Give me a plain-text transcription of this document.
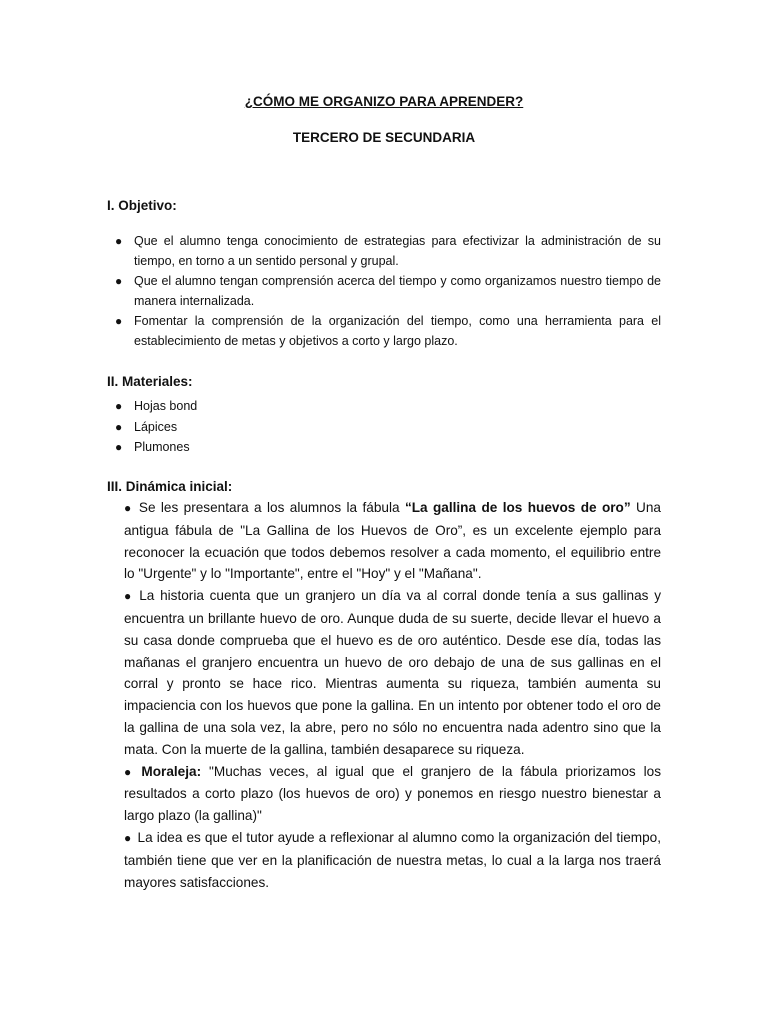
¿CÓMO ME ORGANIZO PARA APRENDER?
TERCERO DE SECUNDARIA
I. Objetivo:
● Que el alumno tenga conocimiento de estrategias para efectivizar la administración de su tiempo, en torno a un sentido personal y grupal.
● Que el alumno tengan comprensión acerca del tiempo y como organizamos nuestro tiempo de manera internalizada.
● Fomentar la comprensión de la organización del tiempo, como una herramienta para el establecimiento de metas y objetivos a corto y largo plazo.
II. Materiales:
● Hojas bond
● Lápices
● Plumones
III. Dinámica inicial:

● Se les presentara a los alumnos la fábula “La gallina de los huevos de oro” Una antigua fábula de "La Gallina de los Huevos de Oro”, es un excelente ejemplo para reconocer la ecuación que todos debemos resolver a cada momento, el equilibrio entre lo "Urgente" y lo "Importante", entre el "Hoy" y el "Mañana".

● La historia cuenta que un granjero un día va al corral donde tenía a sus gallinas y encuentra un brillante huevo de oro. Aunque duda de su suerte, decide llevar el huevo a su casa donde comprueba que el huevo es de oro auténtico. Desde ese día, todas las mañanas el granjero encuentra un huevo de oro debajo de una de sus gallinas en el corral y pronto se hace rico. Mientras aumenta su riqueza, también aumenta su impaciencia con los huevos que pone la gallina. En un intento por obtener todo el oro de la gallina de una sola vez, la abre, pero no sólo no encuentra nada adentro sino que la mata. Con la muerte de la gallina, también desaparece su riqueza.

● Moraleja: "Muchas veces, al igual que el granjero de la fábula priorizamos los resultados a corto plazo (los huevos de oro) y ponemos en riesgo nuestro bienestar a largo plazo (la gallina)"

● La idea es que el tutor ayude a reflexionar al alumno como la organización del tiempo, también tiene que ver en la planificación de nuestra metas, lo cual a la larga nos traerá mayores satisfacciones.
